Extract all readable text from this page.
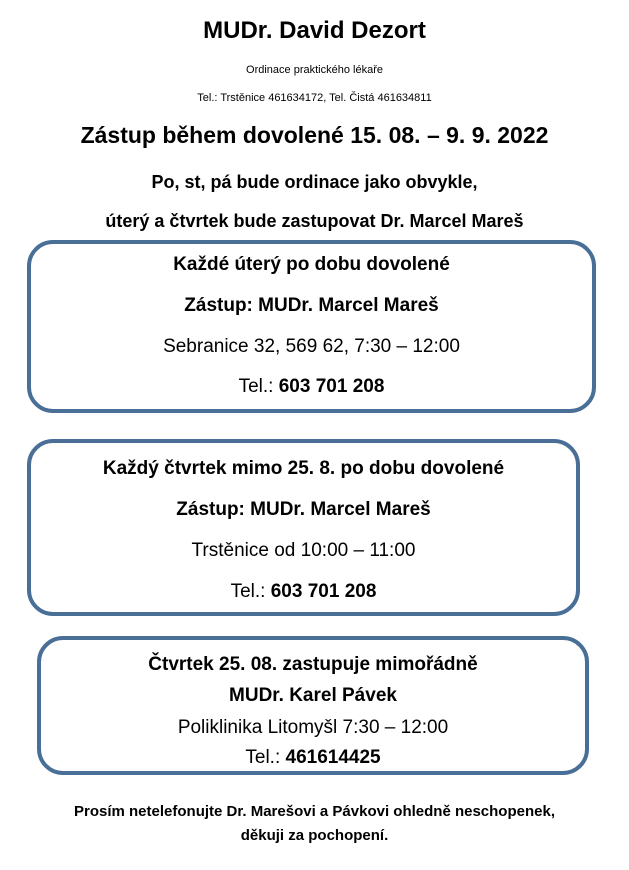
MUDr. David Dezort
Ordinace praktického lékaře
Tel.: Trstěnice 461634172, Tel. Čistá 461634811
Zástup během dovolené 15. 08. – 9. 9. 2022
Po, st, pá bude ordinace jako obvykle,
úterý a čtvrtek bude zastupovat Dr. Marcel Mareš
Každé úterý po dobu dovolené
Zástup: MUDr. Marcel Mareš
Sebranice 32, 569 62, 7:30 – 12:00
Tel.: 603 701 208
Každý čtvrtek mimo 25. 8. po dobu dovolené
Zástup: MUDr. Marcel Mareš
Trstěnice od 10:00 – 11:00
Tel.: 603 701 208
Čtvrtek 25. 08. zastupuje mimořádně
MUDr. Karel Pávek
Poliklinika Litomyšl 7:30 – 12:00
Tel.: 461614425
Prosím netelefonujte Dr. Marešovi a Pávkovi ohledně neschopenek,
děkuji za pochopení.
